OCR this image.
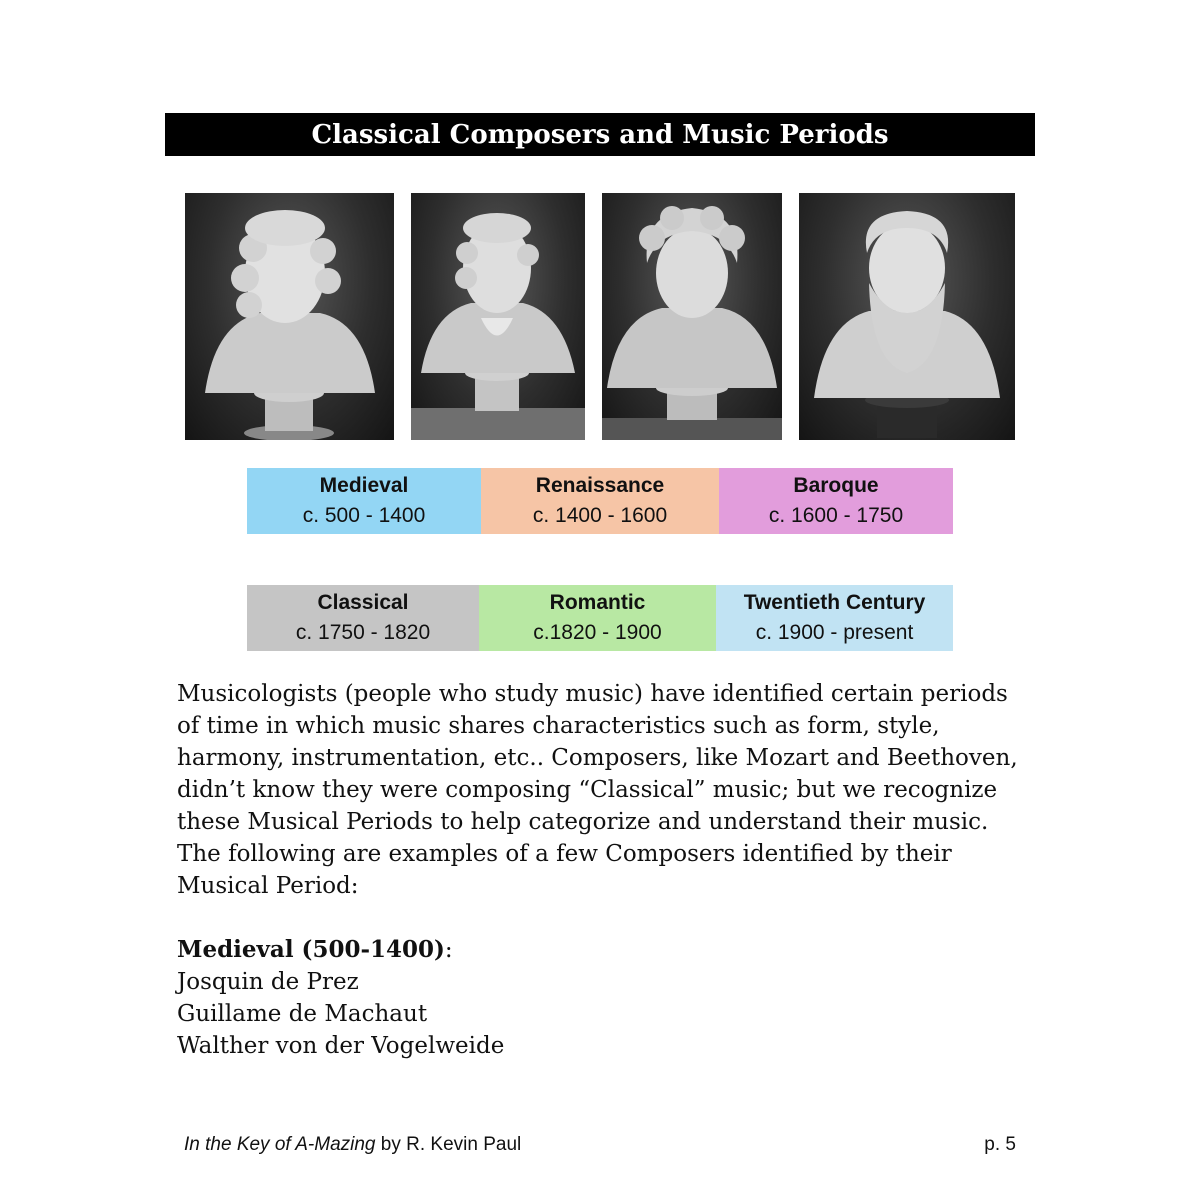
Classical Composers and Music Periods
Medieval
c. 500 - 1400
Renaissance
c. 1400 - 1600
Baroque
c. 1600 - 1750
Classical
c. 1750 - 1820
Romantic
c.1820 - 1900
Twentieth Century
c. 1900 - present

Musicologists (people who study music) have identified certain periods of time in which music shares characteristics such as form, style, harmony, instrumentation, etc.. Composers, like Mozart and Beethoven, didn’t know they were composing “Classical” music; but we recognize these Musical Periods to help categorize and understand their music. The following are examples of a few Composers identified by their Musical Period:

Medieval (500-1400):

Josquin de Prez

Guillame de Machaut

Walther von der Vogelweide

In the Key of A-Mazing by R. Kevin Paul	p. 5
